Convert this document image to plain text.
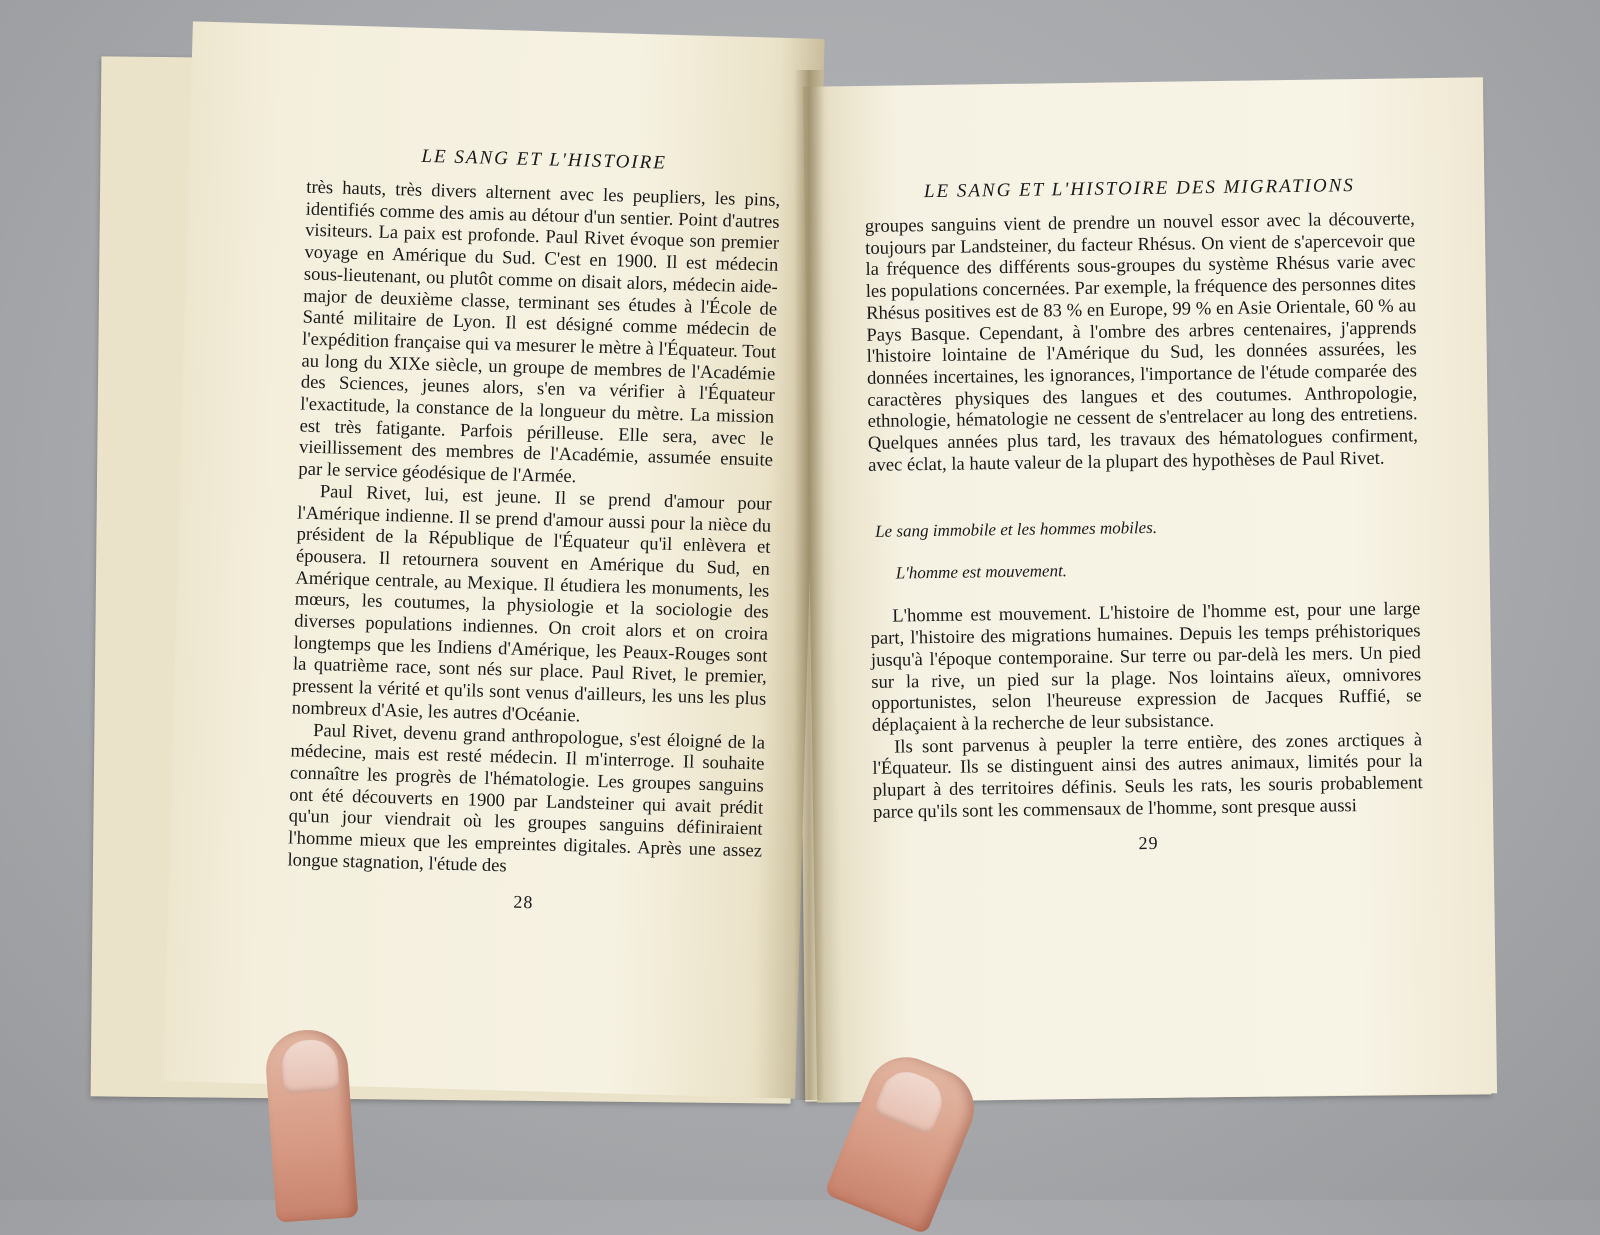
LE SANG ET L'HISTOIRE

très hauts, très divers alternent avec les peupliers, les pins, identifiés comme des amis au détour d'un sentier. Point d'autres visiteurs. La paix est profonde. Paul Rivet évoque son premier voyage en Amérique du Sud. C'est en 1900. Il est médecin sous-lieutenant, ou plutôt comme on disait alors, médecin aide-major de deuxième classe, terminant ses études à l'École de Santé militaire de Lyon. Il est désigné comme médecin de l'expédition française qui va mesurer le mètre à l'Équateur. Tout au long du XIXe siècle, un groupe de membres de l'Académie des Sciences, jeunes alors, s'en va vérifier à l'Équateur l'exactitude, la constance de la longueur du mètre. La mission est très fatigante. Parfois périlleuse. Elle sera, avec le vieillissement des membres de l'Académie, assumée ensuite par le service géodésique de l'Armée.

Paul Rivet, lui, est jeune. Il se prend d'amour pour l'Amérique indienne. Il se prend d'amour aussi pour la nièce du président de la République de l'Équateur qu'il enlèvera et épousera. Il retournera souvent en Amérique du Sud, en Amérique centrale, au Mexique. Il étudiera les monuments, les mœurs, les coutumes, la physiologie et la sociologie des diverses populations indiennes. On croit alors et on croira longtemps que les Indiens d'Amérique, les Peaux-Rouges sont la quatrième race, sont nés sur place. Paul Rivet, le premier, pressent la vérité et qu'ils sont venus d'ailleurs, les uns les plus nombreux d'Asie, les autres d'Océanie.

Paul Rivet, devenu grand anthropologue, s'est éloigné de la médecine, mais est resté médecin. Il m'interroge. Il souhaite connaître les progrès de l'hématologie. Les groupes sanguins ont été découverts en 1900 par Landsteiner qui avait prédit qu'un jour viendrait où les groupes sanguins définiraient l'homme mieux que les empreintes digitales. Après une assez longue stagnation, l'étude des

28
LE SANG ET L'HISTOIRE DES MIGRATIONS

groupes sanguins vient de prendre un nouvel essor avec la découverte, toujours par Landsteiner, du facteur Rhésus. On vient de s'apercevoir que la fréquence des différents sous-groupes du système Rhésus varie avec les populations concernées. Par exemple, la fréquence des personnes dites Rhésus positives est de 83 % en Europe, 99 % en Asie Orientale, 60 % au Pays Basque. Cependant, à l'ombre des arbres centenaires, j'apprends l'histoire lointaine de l'Amérique du Sud, les données assurées, les données incertaines, les ignorances, l'importance de l'étude comparée des caractères physiques des langues et des coutumes. Anthropologie, ethnologie, hématologie ne cessent de s'entrelacer au long des entretiens. Quelques années plus tard, les travaux des hématologues confirment, avec éclat, la haute valeur de la plupart des hypothèses de Paul Rivet.

Le sang immobile et les hommes mobiles.
L'homme est mouvement.

L'homme est mouvement. L'histoire de l'homme est, pour une large part, l'histoire des migrations humaines. Depuis les temps préhistoriques jusqu'à l'époque contemporaine. Sur terre ou par-delà les mers. Un pied sur la rive, un pied sur la plage. Nos lointains aïeux, omnivores opportunistes, selon l'heureuse expression de Jacques Ruffié, se déplaçaient à la recherche de leur subsistance.

Ils sont parvenus à peupler la terre entière, des zones arctiques à l'Équateur. Ils se distinguent ainsi des autres animaux, limités pour la plupart à des territoires définis. Seuls les rats, les souris probablement parce qu'ils sont les commensaux de l'homme, sont presque aussi

29
